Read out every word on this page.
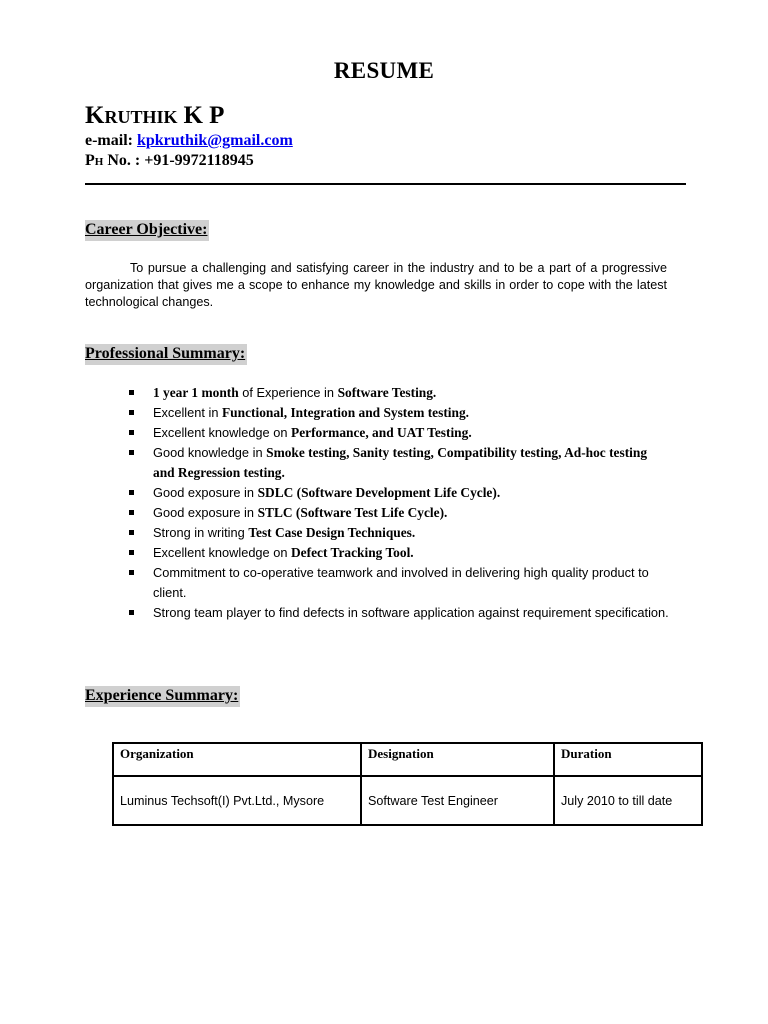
RESUME
Kruthik K P
e-mail: kpkruthik@gmail.com
Ph No. : +91-9972118945
Career Objective:
To pursue a challenging and satisfying career in the industry and to be a part of a progressive organization that gives me a scope to enhance my knowledge and skills in order to cope with the latest technological changes.
Professional Summary:
1 year 1 month of Experience in Software Testing.
Excellent in Functional, Integration and System testing.
Excellent knowledge on Performance, and UAT Testing.
Good knowledge in Smoke testing, Sanity testing, Compatibility testing, Ad-hoc testing and Regression testing.
Good exposure in SDLC (Software Development Life Cycle).
Good exposure in STLC (Software Test Life Cycle).
Strong in writing Test Case Design Techniques.
Excellent knowledge on Defect Tracking Tool.
Commitment to co-operative teamwork and involved in delivering high quality product to client.
Strong team player to find defects in software application against requirement specification.
Experience Summary:
Organization	Designation	Duration
Luminus Techsoft(I) Pvt.Ltd., Mysore	Software Test Engineer	July 2010 to till date
